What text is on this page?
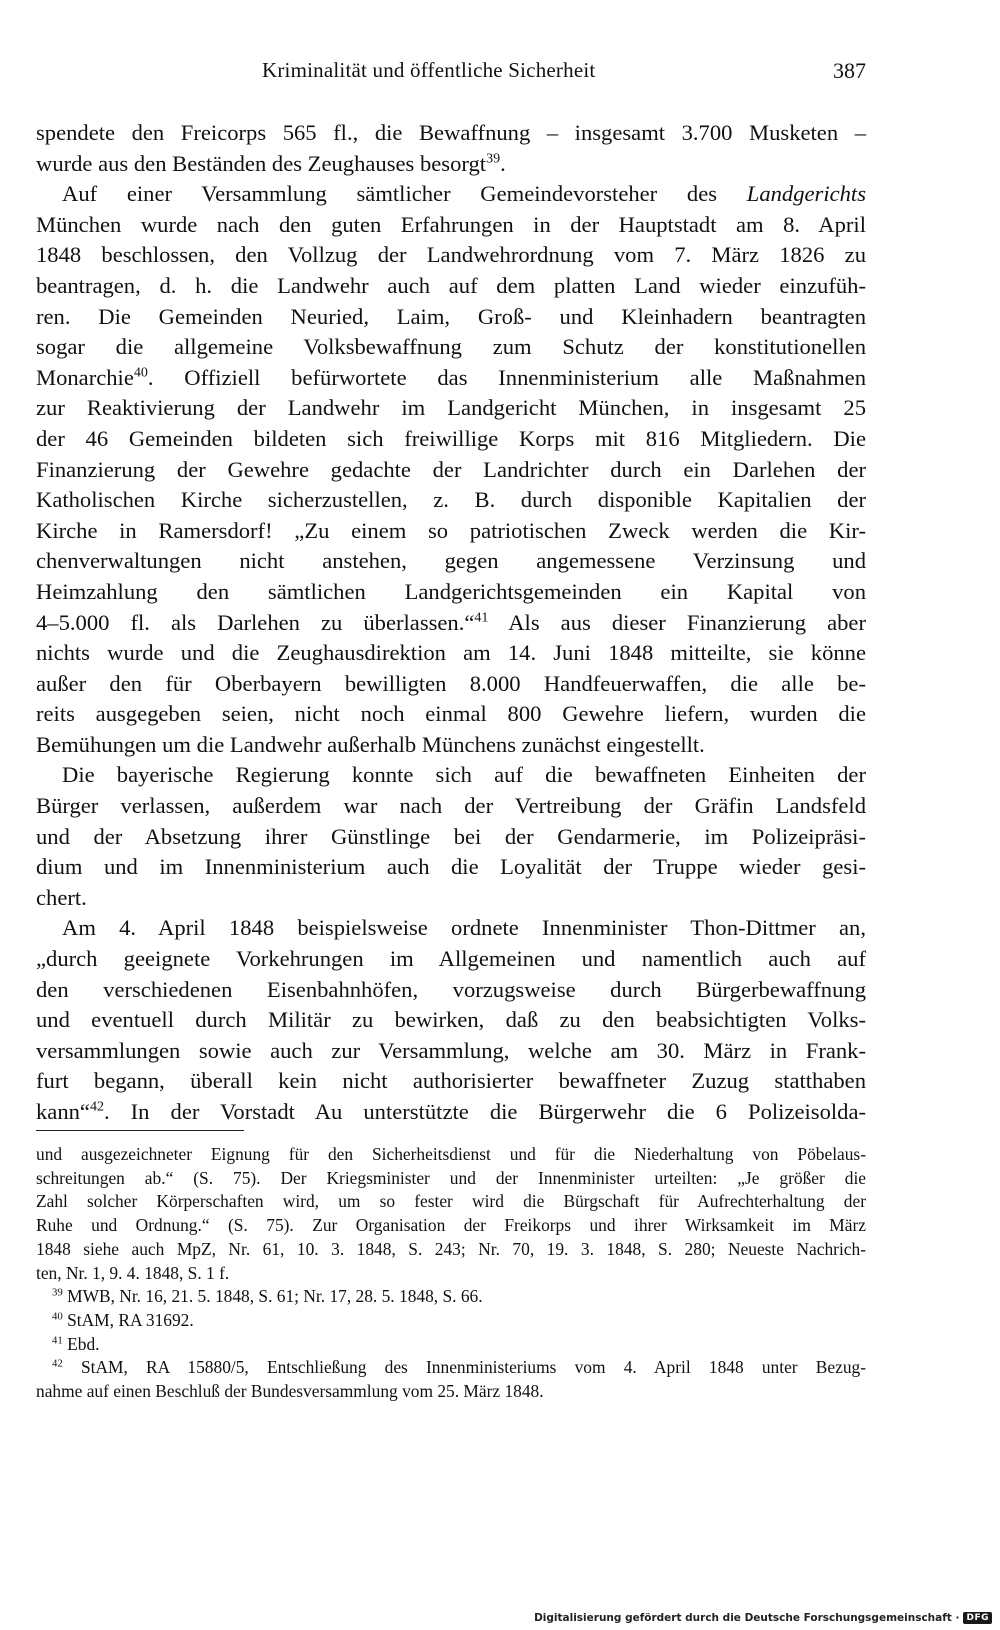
Kriminalität und öffentliche Sicherheit	387
spendete den Freicorps 565 fl., die Bewaffnung – insgesamt 3.700 Musketen –
wurde aus den Beständen des Zeughauses besorgt$^{39}$.
Auf einer Versammlung sämtlicher Gemeindevorsteher des Landgerichts
München wurde nach den guten Erfahrungen in der Hauptstadt am 8. April
1848 beschlossen, den Vollzug der Landwehrordnung vom 7. März 1826 zu
beantragen, d. h. die Landwehr auch auf dem platten Land wieder einzufüh-
ren. Die Gemeinden Neuried, Laim, Groß- und Kleinhadern beantragten
sogar die allgemeine Volksbewaffnung zum Schutz der konstitutionellen
Monarchie$^{40}$. Offiziell befürwortete das Innenministerium alle Maßnahmen
zur Reaktivierung der Landwehr im Landgericht München, in insgesamt 25
der 46 Gemeinden bildeten sich freiwillige Korps mit 816 Mitgliedern. Die
Finanzierung der Gewehre gedachte der Landrichter durch ein Darlehen der
Katholischen Kirche sicherzustellen, z. B. durch disponible Kapitalien der
Kirche in Ramersdorf! „Zu einem so patriotischen Zweck werden die Kir-
chenverwaltungen nicht anstehen, gegen angemessene Verzinsung und
Heimzahlung den sämtlichen Landgerichtsgemeinden ein Kapital von
4–5.000 fl. als Darlehen zu überlassen.“$^{41}$ Als aus dieser Finanzierung aber
nichts wurde und die Zeughausdirektion am 14. Juni 1848 mitteilte, sie könne
außer den für Oberbayern bewilligten 8.000 Handfeuerwaffen, die alle be-
reits ausgegeben seien, nicht noch einmal 800 Gewehre liefern, wurden die
Bemühungen um die Landwehr außerhalb Münchens zunächst eingestellt.
Die bayerische Regierung konnte sich auf die bewaffneten Einheiten der
Bürger verlassen, außerdem war nach der Vertreibung der Gräfin Landsfeld
und der Absetzung ihrer Günstlinge bei der Gendarmerie, im Polizeipräsi-
dium und im Innenministerium auch die Loyalität der Truppe wieder gesi-
chert.
Am 4. April 1848 beispielsweise ordnete Innenminister Thon-Dittmer an,
„durch geeignete Vorkehrungen im Allgemeinen und namentlich auch auf
den verschiedenen Eisenbahnhöfen, vorzugsweise durch Bürgerbewaffnung
und eventuell durch Militär zu bewirken, daß zu den beabsichtigten Volks-
versammlungen sowie auch zur Versammlung, welche am 30. März in Frank-
furt begann, überall kein nicht authorisierter bewaffneter Zuzug statthaben
kann“$^{42}$. In der Vorstadt Au unterstützte die Bürgerwehr die 6 Polizeisolda-
und ausgezeichneter Eignung für den Sicherheitsdienst und für die Niederhaltung von Pöbelaus-
schreitungen ab.“ (S. 75). Der Kriegsminister und der Innenminister urteilten: „Je größer die
Zahl solcher Körperschaften wird, um so fester wird die Bürgschaft für Aufrechterhaltung der
Ruhe und Ordnung.“ (S. 75). Zur Organisation der Freikorps und ihrer Wirksamkeit im März
1848 siehe auch MpZ, Nr. 61, 10. 3. 1848, S. 243; Nr. 70, 19. 3. 1848, S. 280; Neueste Nachrich-
ten, Nr. 1, 9. 4. 1848, S. 1 f.
$^{39}$ MWB, Nr. 16, 21. 5. 1848, S. 61; Nr. 17, 28. 5. 1848, S. 66.
$^{40}$ StAM, RA 31692.
$^{41}$ Ebd.
$^{42}$ StAM, RA 15880/5, Entschließung des Innenministeriums vom 4. April 1848 unter Bezug-
nahme auf einen Beschluß der Bundesversammlung vom 25. März 1848.
Digitalisierung gefördert durch die Deutsche Forschungsgemeinschaft · DFG
